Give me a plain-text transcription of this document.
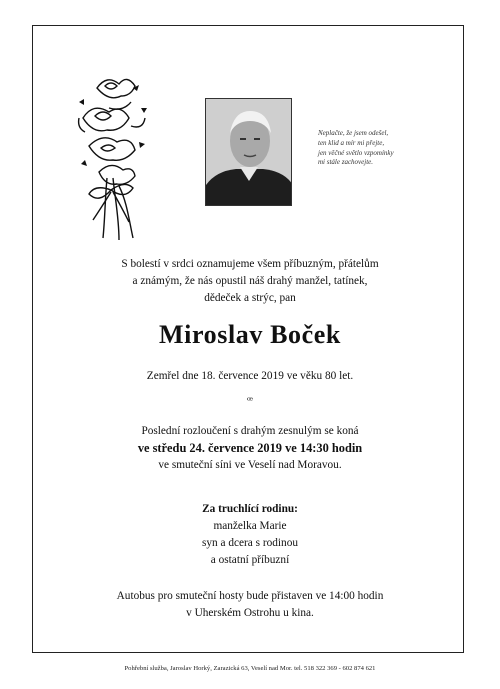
Neplačte, že jsem odešel,
ten klid a mír mi přejte,
jen věčné světlo vzpomínky
mi stále zachovejte.
S bolestí v srdci oznamujeme všem příbuzným, přátelům
a známým, že nás opustil náš drahý manžel, tatínek,
dědeček a strýc, pan
Miroslav Boček
Zemřel dne 18. července 2019 ve věku 80 let.
ꟹ
Poslední rozloučení s drahým zesnulým se koná
ve středu 24. července 2019 ve 14:30 hodin
ve smuteční síni ve Veselí nad Moravou.
Za truchlící rodinu:
manželka Marie
syn a dcera s rodinou
a ostatní příbuzní
Autobus pro smuteční hosty bude přistaven ve 14:00 hodin
v Uherském Ostrohu u kina.
Pohřební služba, Jaroslav Horký, Zarazická 63, Veselí nad Mor. tel. 518 322 369 - 602 874 621
